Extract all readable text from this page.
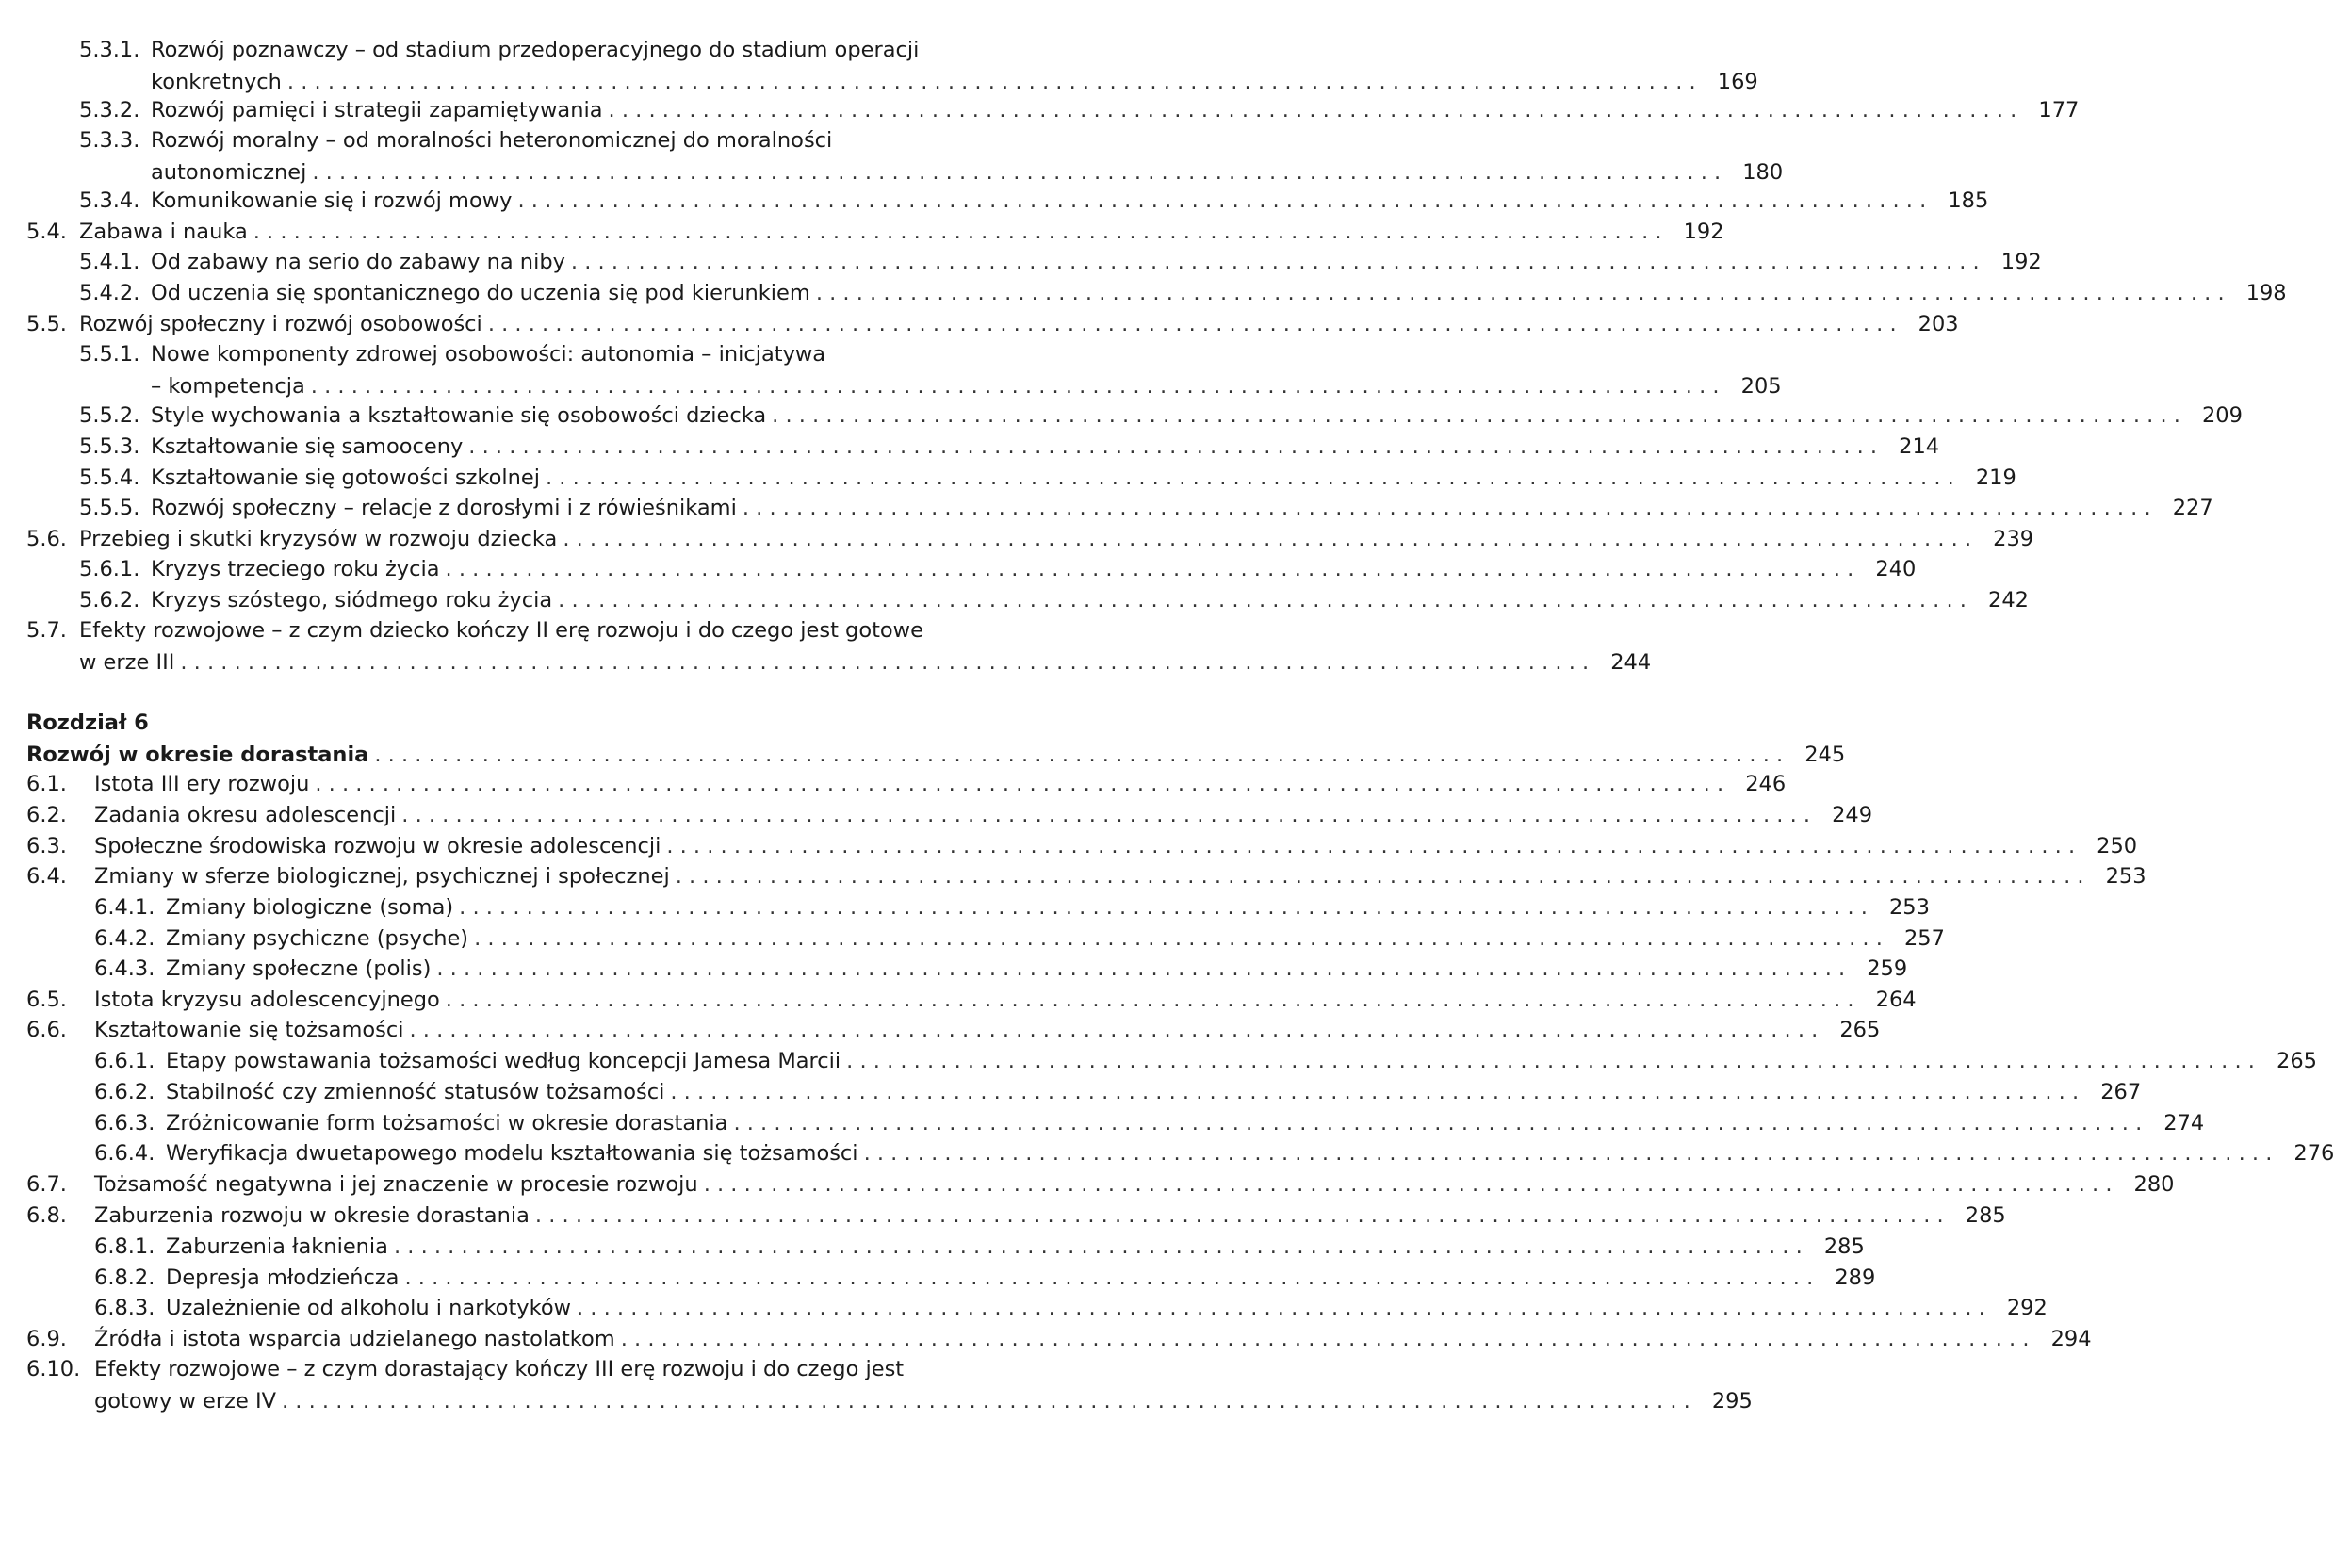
Rozdział 6
Rozwój w okresie dorastania . . .	245
5.3.1. Rozwój poznawczy – od stadium przedoperacyjnego do stadium operacji
konkretnych . . .	169
5.3.2. Rozwój pamięci i strategii zapamiętywania . . .	177
5.3.3. Rozwój moralny – od moralności heteronomicznej do moralności
autonomicznej . . .	180
5.3.4. Komunikowanie się i rozwój mowy . . .	185
5.4. Zabawa i nauka . . .	192
5.4.1. Od zabawy na serio do zabawy na niby . . .	192
5.4.2. Od uczenia się spontanicznego do uczenia się pod kierunkiem . . .	198
5.5. Rozwój społeczny i rozwój osobowości . . .	203
5.5.1. Nowe komponenty zdrowej osobowości: autonomia – inicjatywa
– kompetencja . . .	205
5.5.2. Style wychowania a kształtowanie się osobowości dziecka . . .	209
5.5.3. Kształtowanie się samooceny . . .	214
5.5.4. Kształtowanie się gotowości szkolnej . . .	219
5.5.5. Rozwój społeczny – relacje z dorosłymi i z rówieśnikami . . .	227
5.6. Przebieg i skutki kryzysów w rozwoju dziecka . . .	239
5.6.1. Kryzys trzeciego roku życia . . .	240
5.6.2. Kryzys szóstego, siódmego roku życia . . .	242
5.7. Efekty rozwojowe – z czym dziecko kończy II erę rozwoju i do czego jest gotowe
w erze III . . .	244
6.1.	Istota III ery rozwoju . . .	246
6.2.	Zadania okresu adolescencji . . .	249
6.3.	Społeczne środowiska rozwoju w okresie adolescencji . . .	250
6.4.	Zmiany w sferze biologicznej, psychicznej i społecznej . . .	253
6.4.1. Zmiany biologiczne (soma) . . .	253
6.4.2. Zmiany psychiczne (psyche) . . .	257
6.4.3. Zmiany społeczne (polis) . . .	259
6.5.	Istota kryzysu adolescencyjnego . . .	264
6.6.	Kształtowanie się tożsamości . . .	265
6.6.1. Etapy powstawania tożsamości według koncepcji Jamesa Marcii . . .	265
6.6.2. Stabilność czy zmienność statusów tożsamości . . .	267
6.6.3. Zróżnicowanie form tożsamości w okresie dorastania . . .	274
6.6.4. Weryfikacja dwuetapowego modelu kształtowania się tożsamości . . .	276
6.7.	Tożsamość negatywna i jej znaczenie w procesie rozwoju . . .	280
6.8.	Zaburzenia rozwoju w okresie dorastania . . .	285
6.8.1. Zaburzenia łaknienia . . .	285
6.8.2. Depresja młodzieńcza . . .	289
6.8.3. Uzależnienie od alkoholu i narkotyków . . .	292
6.9.	Źródła i istota wsparcia udzielanego nastolatkom . . .	294
6.10. Efekty rozwojowe – z czym dorastający kończy III erę rozwoju i do czego jest
gotowy w erze IV . . .	295
